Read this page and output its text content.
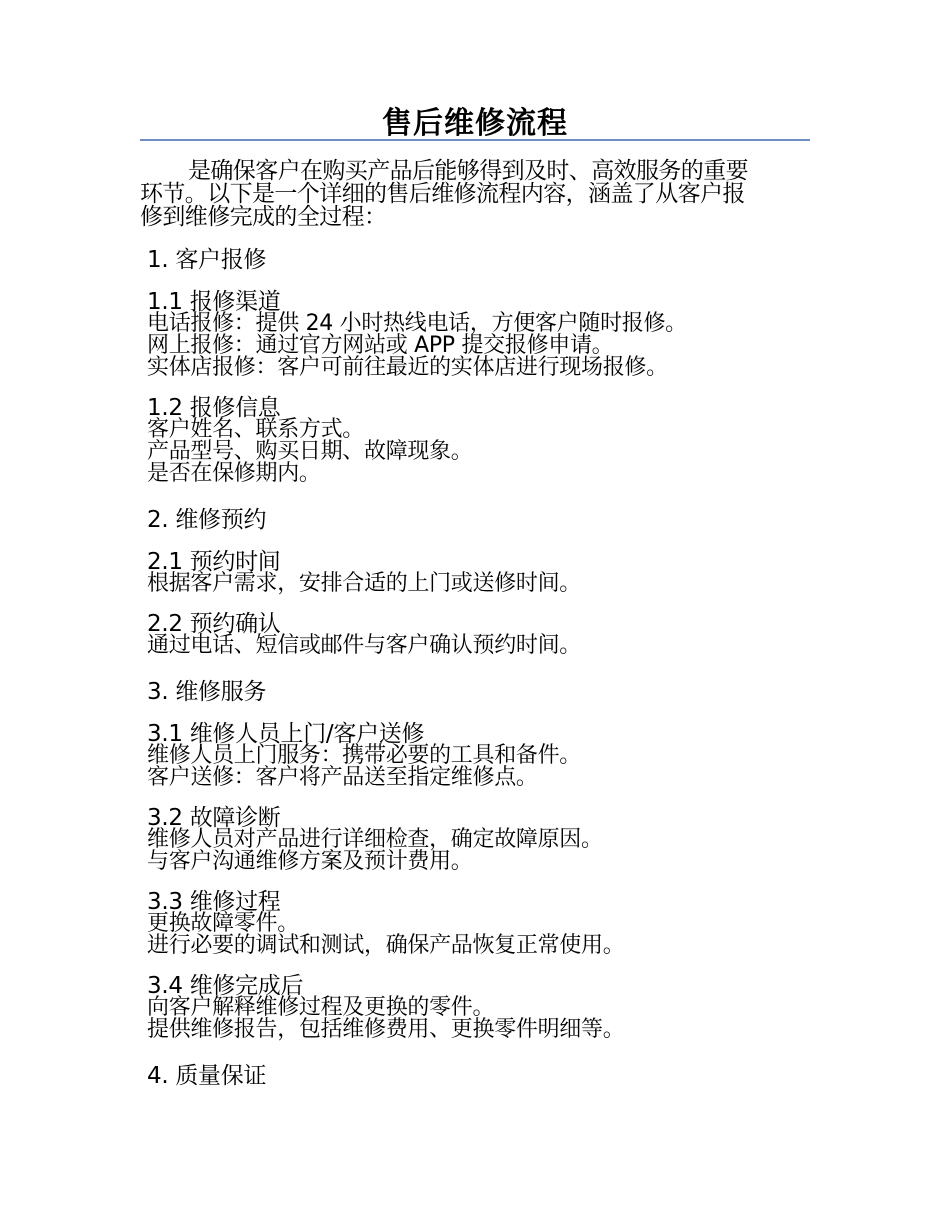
售后维修流程
是确保客户在购买产品后能够得到及时、高效服务的重要
环节。以下是一个详细的售后维修流程内容，涵盖了从客户报
修到维修完成的全过程：
1. 客户报修
1.1 报修渠道
电话报修：提供 24 小时热线电话，方便客户随时报修。
网上报修：通过官方网站或 APP 提交报修申请。
实体店报修：客户可前往最近的实体店进行现场报修。
1.2 报修信息
客户姓名、联系方式。
产品型号、购买日期、故障现象。
是否在保修期内。
2. 维修预约
2.1 预约时间
根据客户需求，安排合适的上门或送修时间。
2.2 预约确认
通过电话、短信或邮件与客户确认预约时间。
3. 维修服务
3.1 维修人员上门/客户送修
维修人员上门服务：携带必要的工具和备件。
客户送修：客户将产品送至指定维修点。
3.2 故障诊断
维修人员对产品进行详细检查，确定故障原因。
与客户沟通维修方案及预计费用。
3.3 维修过程
更换故障零件。
进行必要的调试和测试，确保产品恢复正常使用。
3.4 维修完成后
向客户解释维修过程及更换的零件。
提供维修报告，包括维修费用、更换零件明细等。
4. 质量保证
